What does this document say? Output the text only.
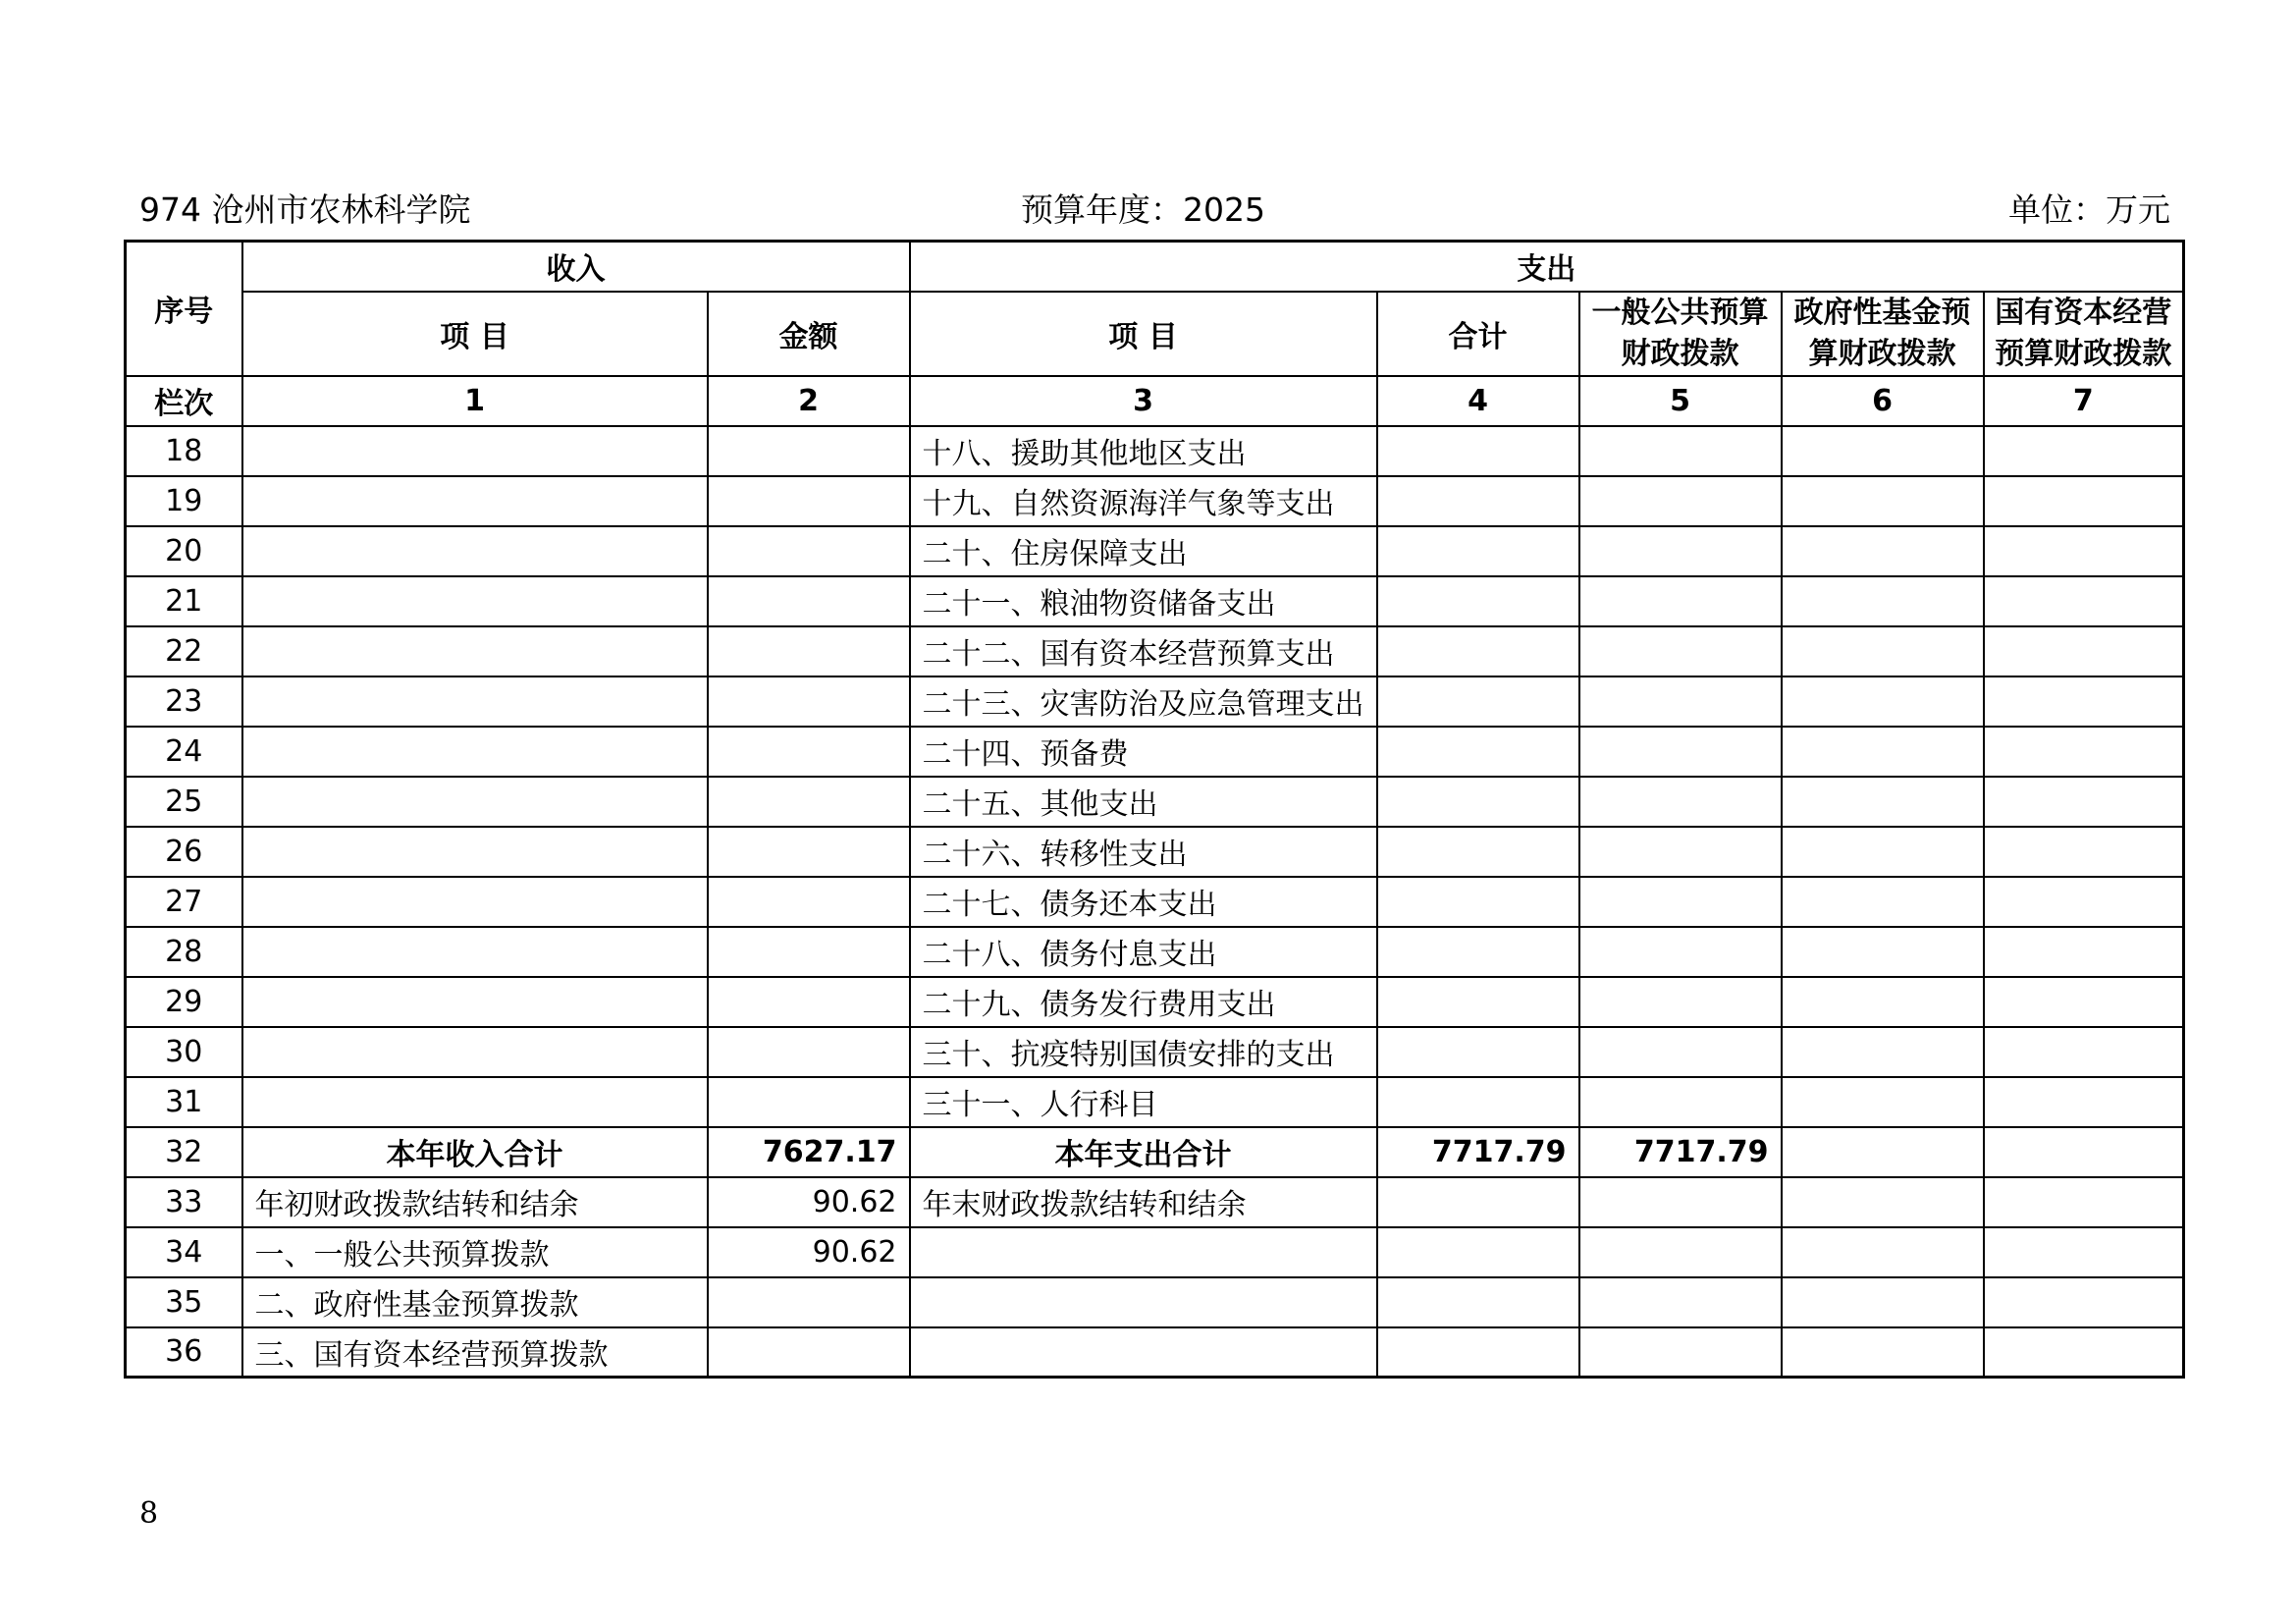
974 沧州市农林科学院	预算年度：2025	单位：万元
序号	收入		支出				
	项 目	金额	项 目	合计	一般公共预算财政拨款	政府性基金预算财政拨款	国有资本经营预算财政拨款
栏次	1	2	3	4	5	6	7
18			十八、援助其他地区支出				
19			十九、自然资源海洋气象等支出				
20			二十、住房保障支出				
21			二十一、粮油物资储备支出				
22			二十二、国有资本经营预算支出				
23			二十三、灾害防治及应急管理支出				
24			二十四、预备费				
25			二十五、其他支出				
26			二十六、转移性支出				
27			二十七、债务还本支出				
28			二十八、债务付息支出				
29			二十九、债务发行费用支出				
30			三十、抗疫特别国债安排的支出				
31			三十一、人行科目				
32	本年收入合计	7627.17	本年支出合计	7717.79	7717.79		
33	年初财政拨款结转和结余	90.62	年末财政拨款结转和结余				
34	一、一般公共预算拨款	90.62					
35	二、政府性基金预算拨款						
36	三、国有资本经营预算拨款						
8
